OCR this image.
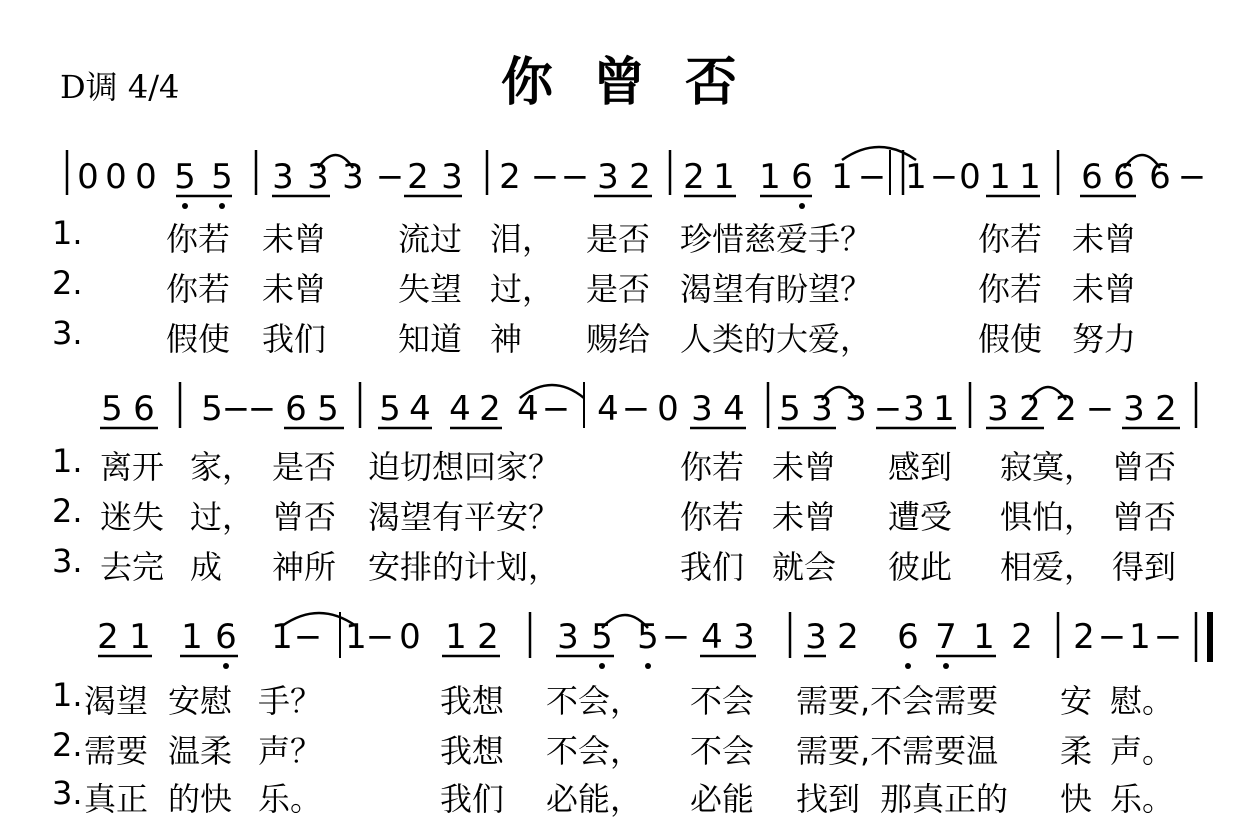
D调 4/4	你曾否
0 0 0 5 5 3 3 3 − 2 3 2 − − 3 2 2 1 1 6 1 − 1 − 0 1 1 6 6 6 −
5 6 5
−
− 6 5 5 4 4 2 4 − 4 − 0 3 4 5 3 3 − 3 1 3 2 2 − 3 2
2 1 1 6 1 − 1
− 0 1 2 3 5 5 − 4 3 3 2 6 7 1 2 2 − 1 −
1.	你若 未曾 流过 泪， 是否 珍惜慈爱手？	你若 未曾
2.	你若 未曾 失望 过， 是否 渴望有盼望？	你若 未曾
3.	假使 我们 知道 神 赐给 人类的大爱，	假使 努力
1. 离开 家， 是否 迫切想回家？	你若 未曾 感到 寂寞， 曾否
2. 迷失 过， 曾否 渴望有平安？	你若 未曾 遭受 惧怕， 曾否
3. 去完 成 神所 安排的计划，	我们 就会 彼此 相爱， 得到
1. 渴望 安慰 手？	我想 不会， 不会 需要,不会需要 安 慰。
2. 需要 温柔 声？	我想 不会， 不会 需要,不需要温 柔 声。
3. 真正 的快 乐。	我们 必能， 必能 找到 那真正的 快 乐。
